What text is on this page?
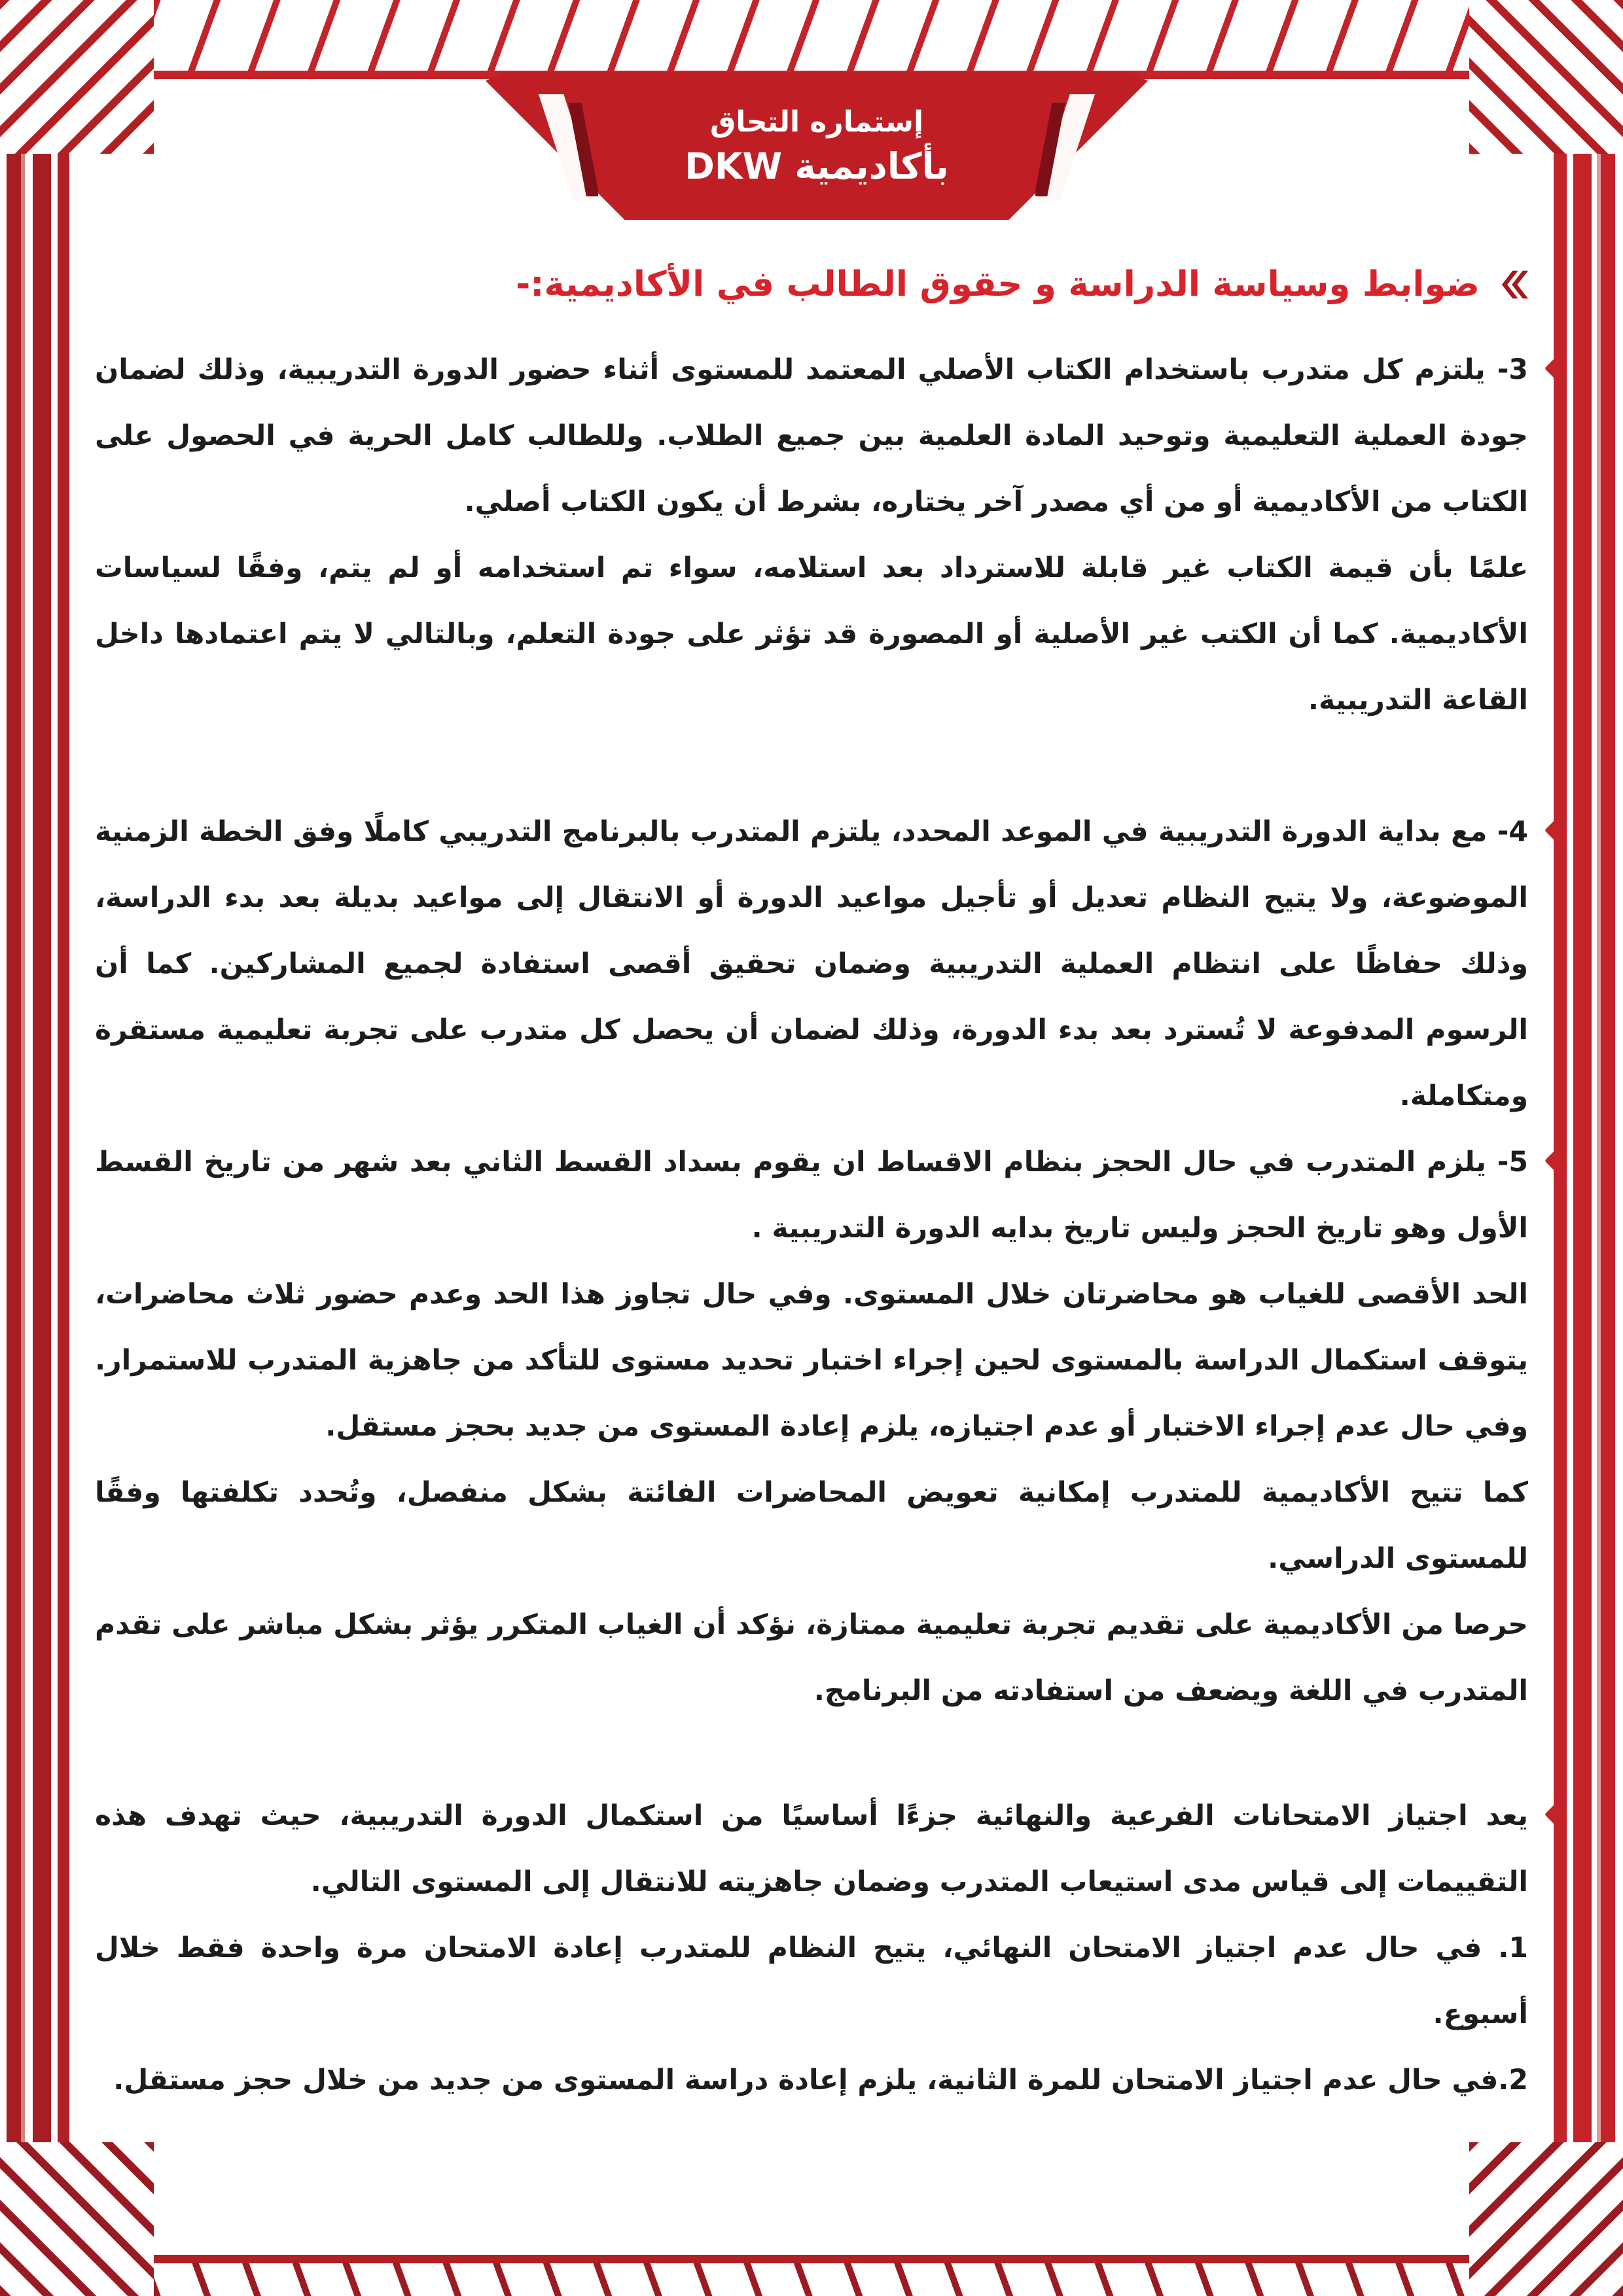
إستماره التحاق
بأكاديمية DKW
ضوابط وسياسة الدراسة و حقوق الطالب في الأكاديمية:-
3- يلتزم كل متدرب باستخدام الكتاب الأصلي المعتمد للمستوى أثناء حضور الدورة التدريبية، وذلك لضمان جودة العملية التعليمية وتوحيد المادة العلمية بين جميع الطلاب. وللطالب كامل الحرية في الحصول على الكتاب من الأكاديمية أو من أي مصدر آخر يختاره، بشرط أن يكون الكتاب أصلي.
علمًا بأن قيمة الكتاب غير قابلة للاسترداد بعد استلامه، سواء تم استخدامه أو لم يتم، وفقًا لسياسات الأكاديمية. كما أن الكتب غير الأصلية أو المصورة قد تؤثر على جودة التعلم، وبالتالي لا يتم اعتمادها داخل القاعة التدريبية.
4- مع بداية الدورة التدريبية في الموعد المحدد، يلتزم المتدرب بالبرنامج التدريبي كاملًا وفق الخطة الزمنية الموضوعة، ولا يتيح النظام تعديل أو تأجيل مواعيد الدورة أو الانتقال إلى مواعيد بديلة بعد بدء الدراسة، وذلك حفاظًا على انتظام العملية التدريبية وضمان تحقيق أقصى استفادة لجميع المشاركين. كما أن الرسوم المدفوعة لا تُسترد بعد بدء الدورة، وذلك لضمان أن يحصل كل متدرب على تجربة تعليمية مستقرة ومتكاملة.
5- يلزم المتدرب في حال الحجز بنظام الاقساط ان يقوم بسداد القسط الثاني بعد شهر من تاريخ القسط الأول وهو تاريخ الحجز وليس تاريخ بدايه الدورة التدريبية .
الحد الأقصى للغياب هو محاضرتان خلال المستوى. وفي حال تجاوز هذا الحد وعدم حضور ثلاث محاضرات، يتوقف استكمال الدراسة بالمستوى لحين إجراء اختبار تحديد مستوى للتأكد من جاهزية المتدرب للاستمرار. وفي حال عدم إجراء الاختبار أو عدم اجتيازه، يلزم إعادة المستوى من جديد بحجز مستقل.
كما تتيح الأكاديمية للمتدرب إمكانية تعويض المحاضرات الفائتة بشكل منفصل، وتُحدد تكلفتها وفقًا للمستوى الدراسي.
حرصا من الأكاديمية على تقديم تجربة تعليمية ممتازة، نؤكد أن الغياب المتكرر يؤثر بشكل مباشر على تقدم المتدرب في اللغة ويضعف من استفادته من البرنامج.
يعد اجتياز الامتحانات الفرعية والنهائية جزءًا أساسيًا من استكمال الدورة التدريبية، حيث تهدف هذه التقييمات إلى قياس مدى استيعاب المتدرب وضمان جاهزيته للانتقال إلى المستوى التالي.
1. في حال عدم اجتياز الامتحان النهائي، يتيح النظام للمتدرب إعادة الامتحان مرة واحدة فقط خلال أسبوع.
2.في حال عدم اجتياز الامتحان للمرة الثانية، يلزم إعادة دراسة المستوى من جديد من خلال حجز مستقل.
